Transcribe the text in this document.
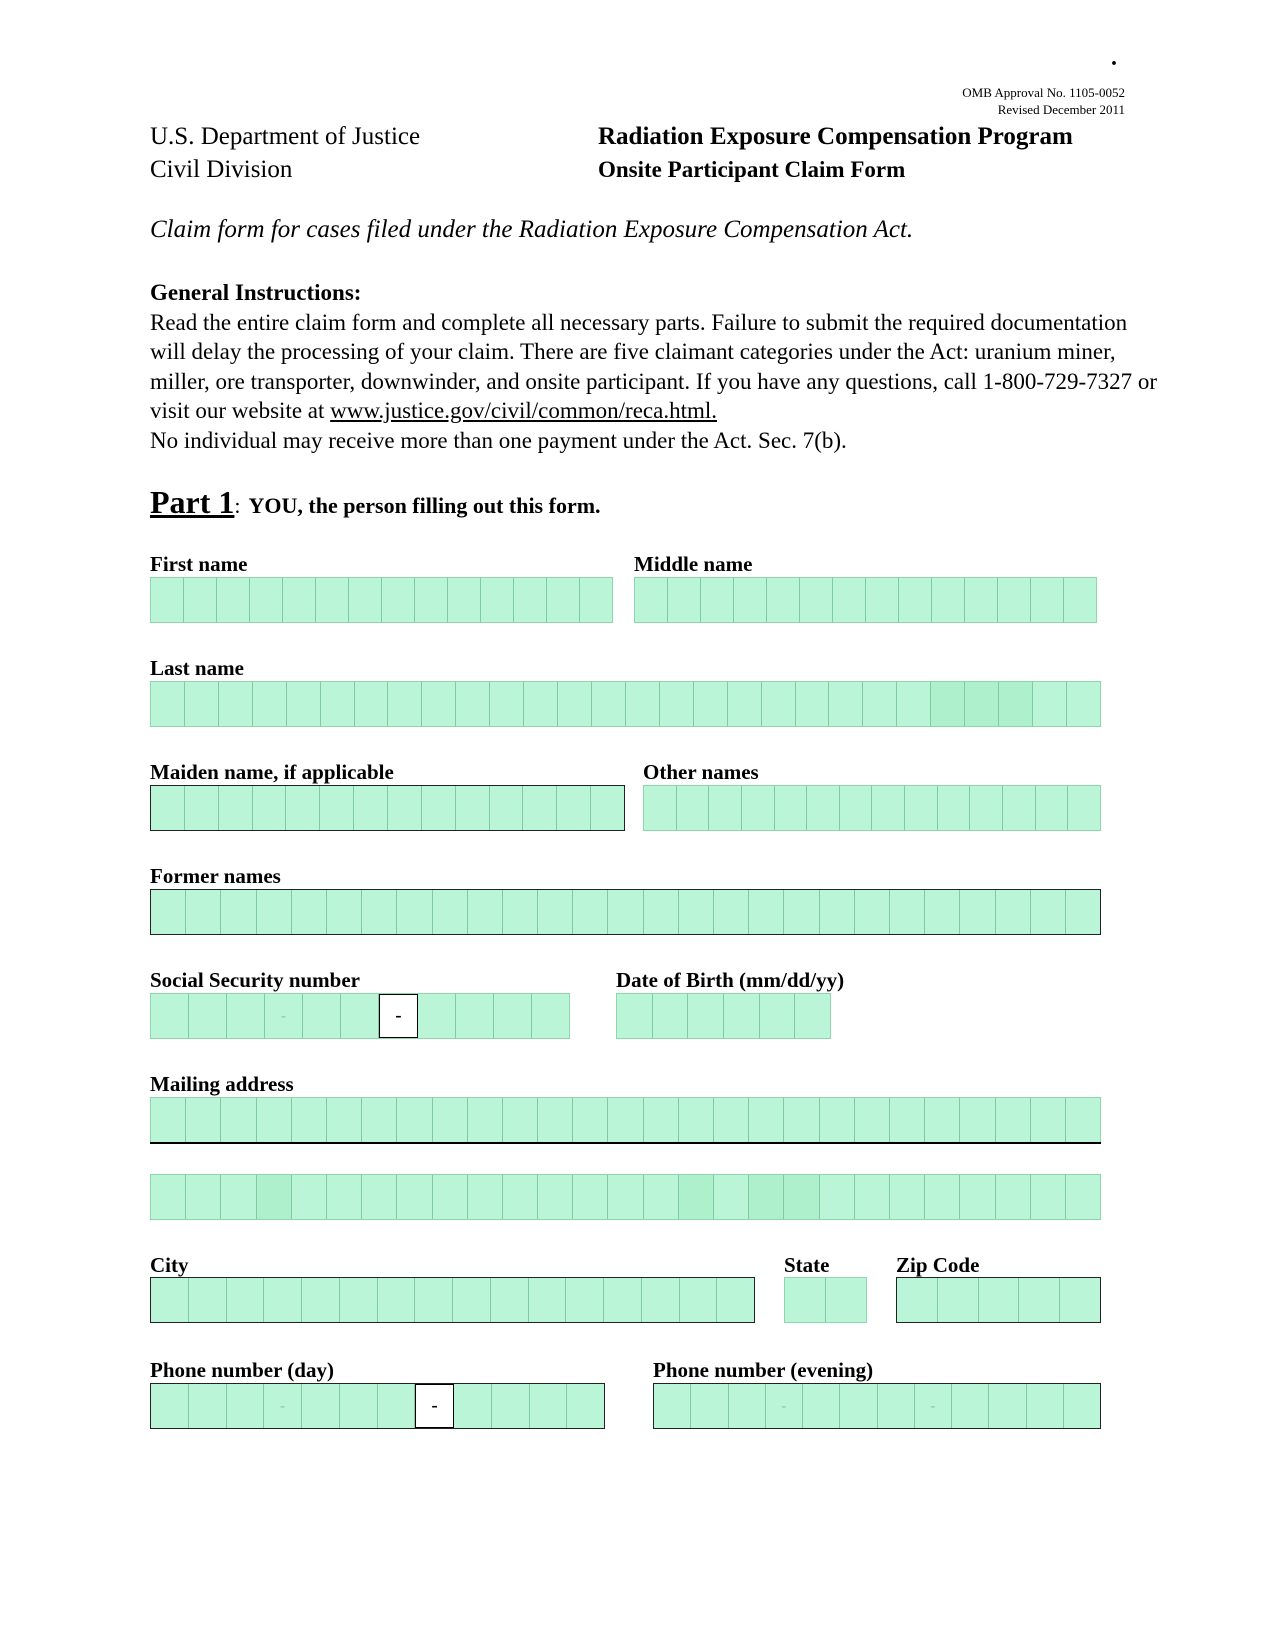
.
OMB Approval No. 1105-0052
Revised December 2011
U.S. Department of Justice
Civil Division
Radiation Exposure Compensation Program
Onsite Participant Claim Form
Claim form for cases filed under the Radiation Exposure Compensation Act.
General Instructions:
Read the entire claim form and complete all necessary parts. Failure to submit the required documentation will delay the processing of your claim. There are five claimant categories under the Act: uranium miner, miller, ore transporter, downwinder, and onsite participant. If you have any questions, call 1-800-729-7327 or visit our website at www.justice.gov/civil/common/reca.html.
No individual may receive more than one payment under the Act. Sec. 7(b).
Part 1: YOU, the person filling out this form.
First name	Middle name
Last name
Maiden name, if applicable	Other names
Former names
Social Security number
-
-
Date of Birth (mm/dd/yy)
Mailing address
City	State	Zip Code
Phone number (day)
-
-
Phone number (evening)
-
-
